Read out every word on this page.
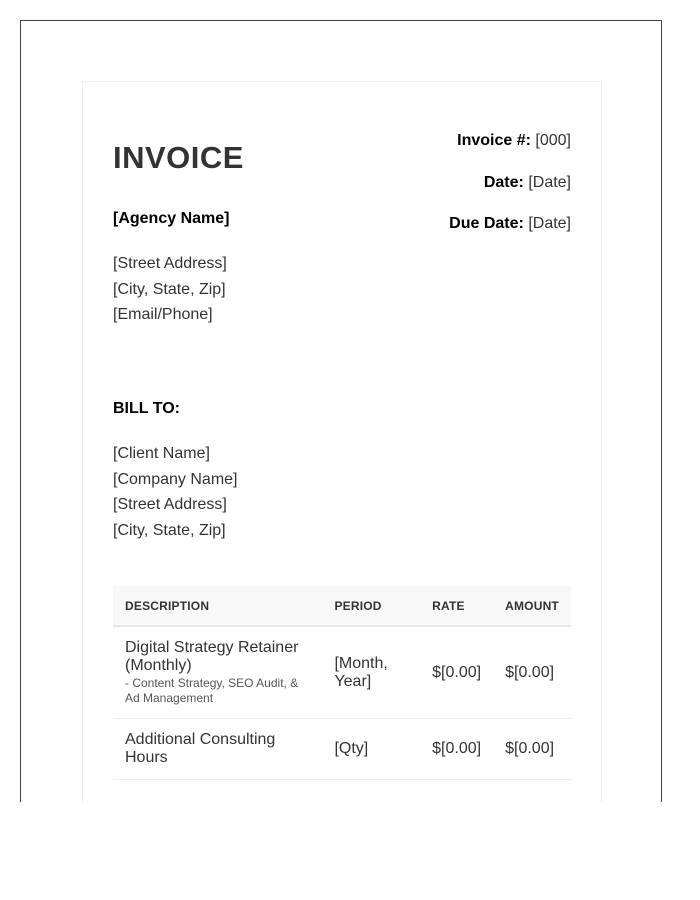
INVOICE
[Agency Name]
[Street Address]
[City, State, Zip]
[Email/Phone]
Invoice #: [000]
Date: [Date]
Due Date: [Date]
BILL TO:
[Client Name]
[Company Name]
[Street Address]
[City, State, Zip]
DESCRIPTION	PERIOD	RATE	AMOUNT
Digital Strategy Retainer (Monthly)
- Content Strategy, SEO Audit, & Ad Management	[Month, Year]	$[0.00]	$[0.00]
Additional Consulting Hours	[Qty]	$[0.00]	$[0.00]
